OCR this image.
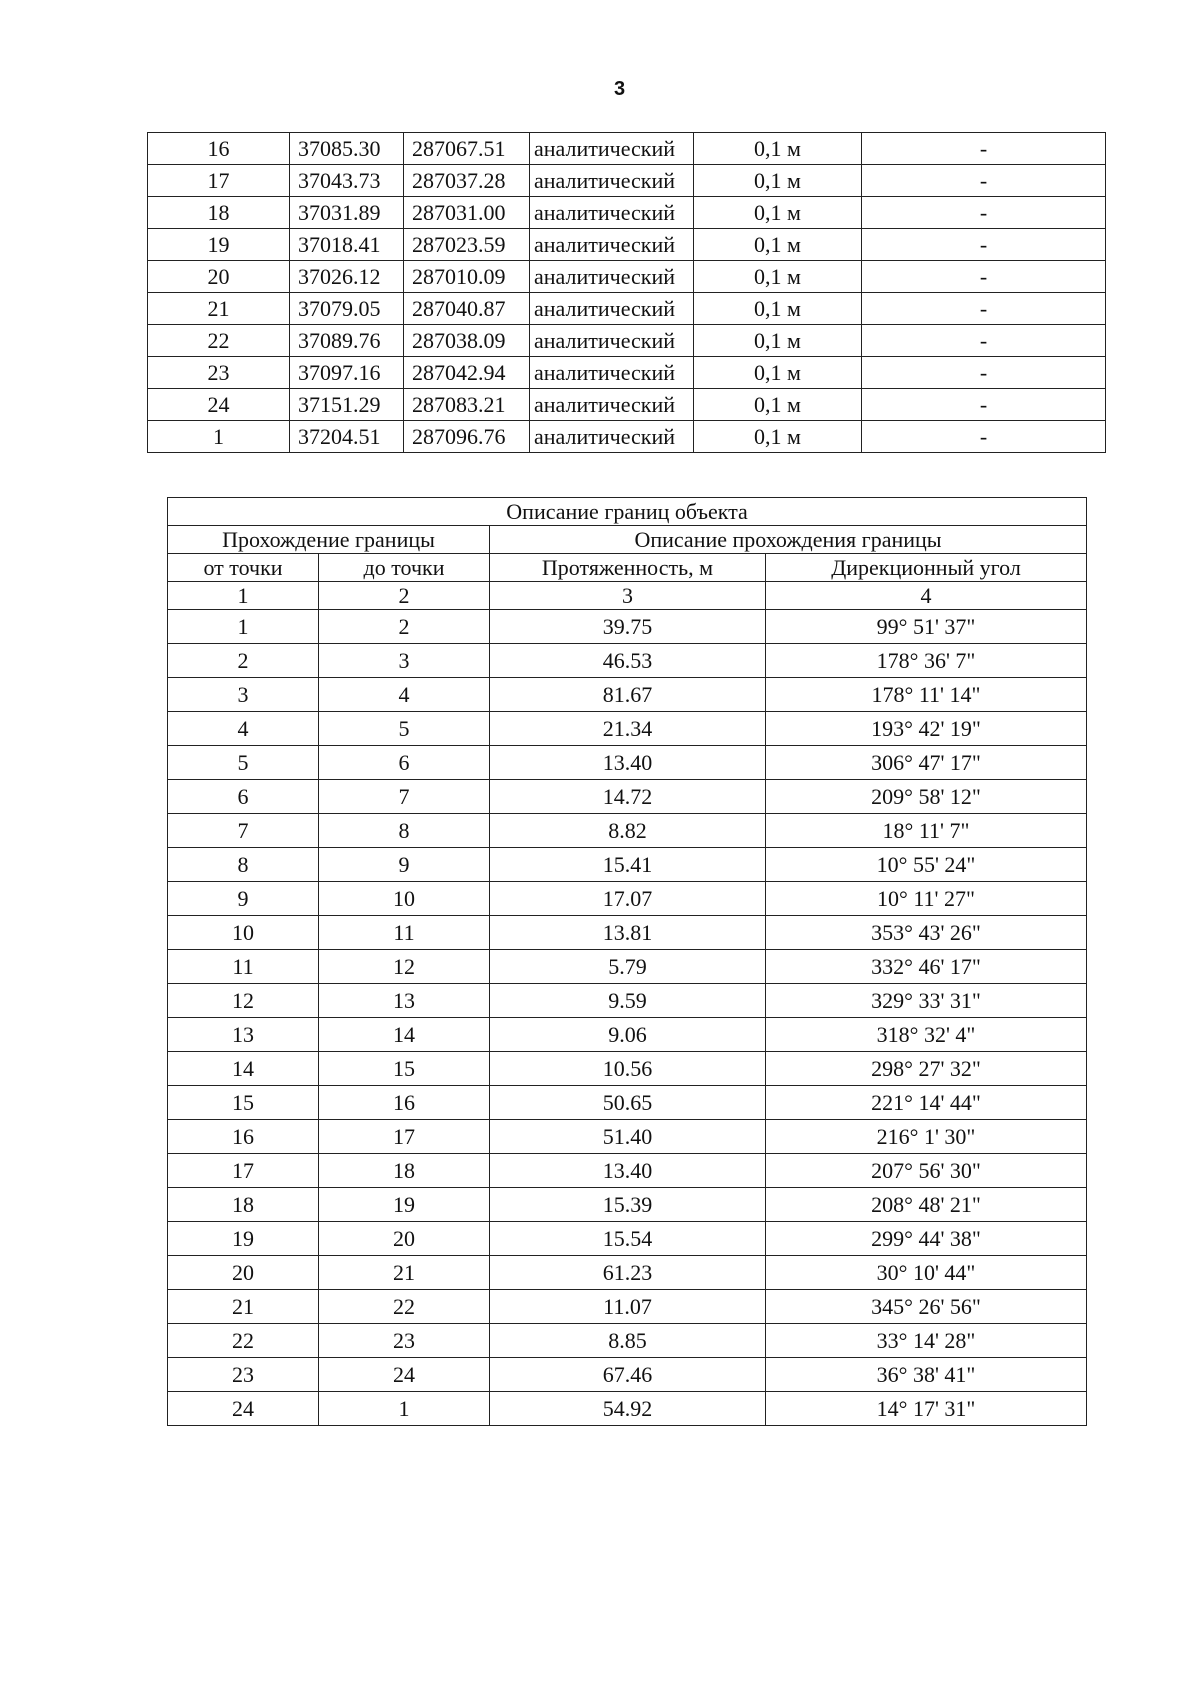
3
16	37085.30	287067.51	аналитический	0,1 м	-
17	37043.73	287037.28	аналитический	0,1 м	-
18	37031.89	287031.00	аналитический	0,1 м	-
19	37018.41	287023.59	аналитический	0,1 м	-
20	37026.12	287010.09	аналитический	0,1 м	-
21	37079.05	287040.87	аналитический	0,1 м	-
22	37089.76	287038.09	аналитический	0,1 м	-
23	37097.16	287042.94	аналитический	0,1 м	-
24	37151.29	287083.21	аналитический	0,1 м	-
1	37204.51	287096.76	аналитический	0,1 м	-
Описание границ объекта			
Прохождение границы		Описание прохождения границы	
от точки	до точки	Протяженность, м	Дирекционный угол
1	2	3	4
1	2	39.75	99° 51' 37"
2	3	46.53	178° 36' 7"
3	4	81.67	178° 11' 14"
4	5	21.34	193° 42' 19"
5	6	13.40	306° 47' 17"
6	7	14.72	209° 58' 12"
7	8	8.82	18° 11' 7"
8	9	15.41	10° 55' 24"
9	10	17.07	10° 11' 27"
10	11	13.81	353° 43' 26"
11	12	5.79	332° 46' 17"
12	13	9.59	329° 33' 31"
13	14	9.06	318° 32' 4"
14	15	10.56	298° 27' 32"
15	16	50.65	221° 14' 44"
16	17	51.40	216° 1' 30"
17	18	13.40	207° 56' 30"
18	19	15.39	208° 48' 21"
19	20	15.54	299° 44' 38"
20	21	61.23	30° 10' 44"
21	22	11.07	345° 26' 56"
22	23	8.85	33° 14' 28"
23	24	67.46	36° 38' 41"
24	1	54.92	14° 17' 31"
